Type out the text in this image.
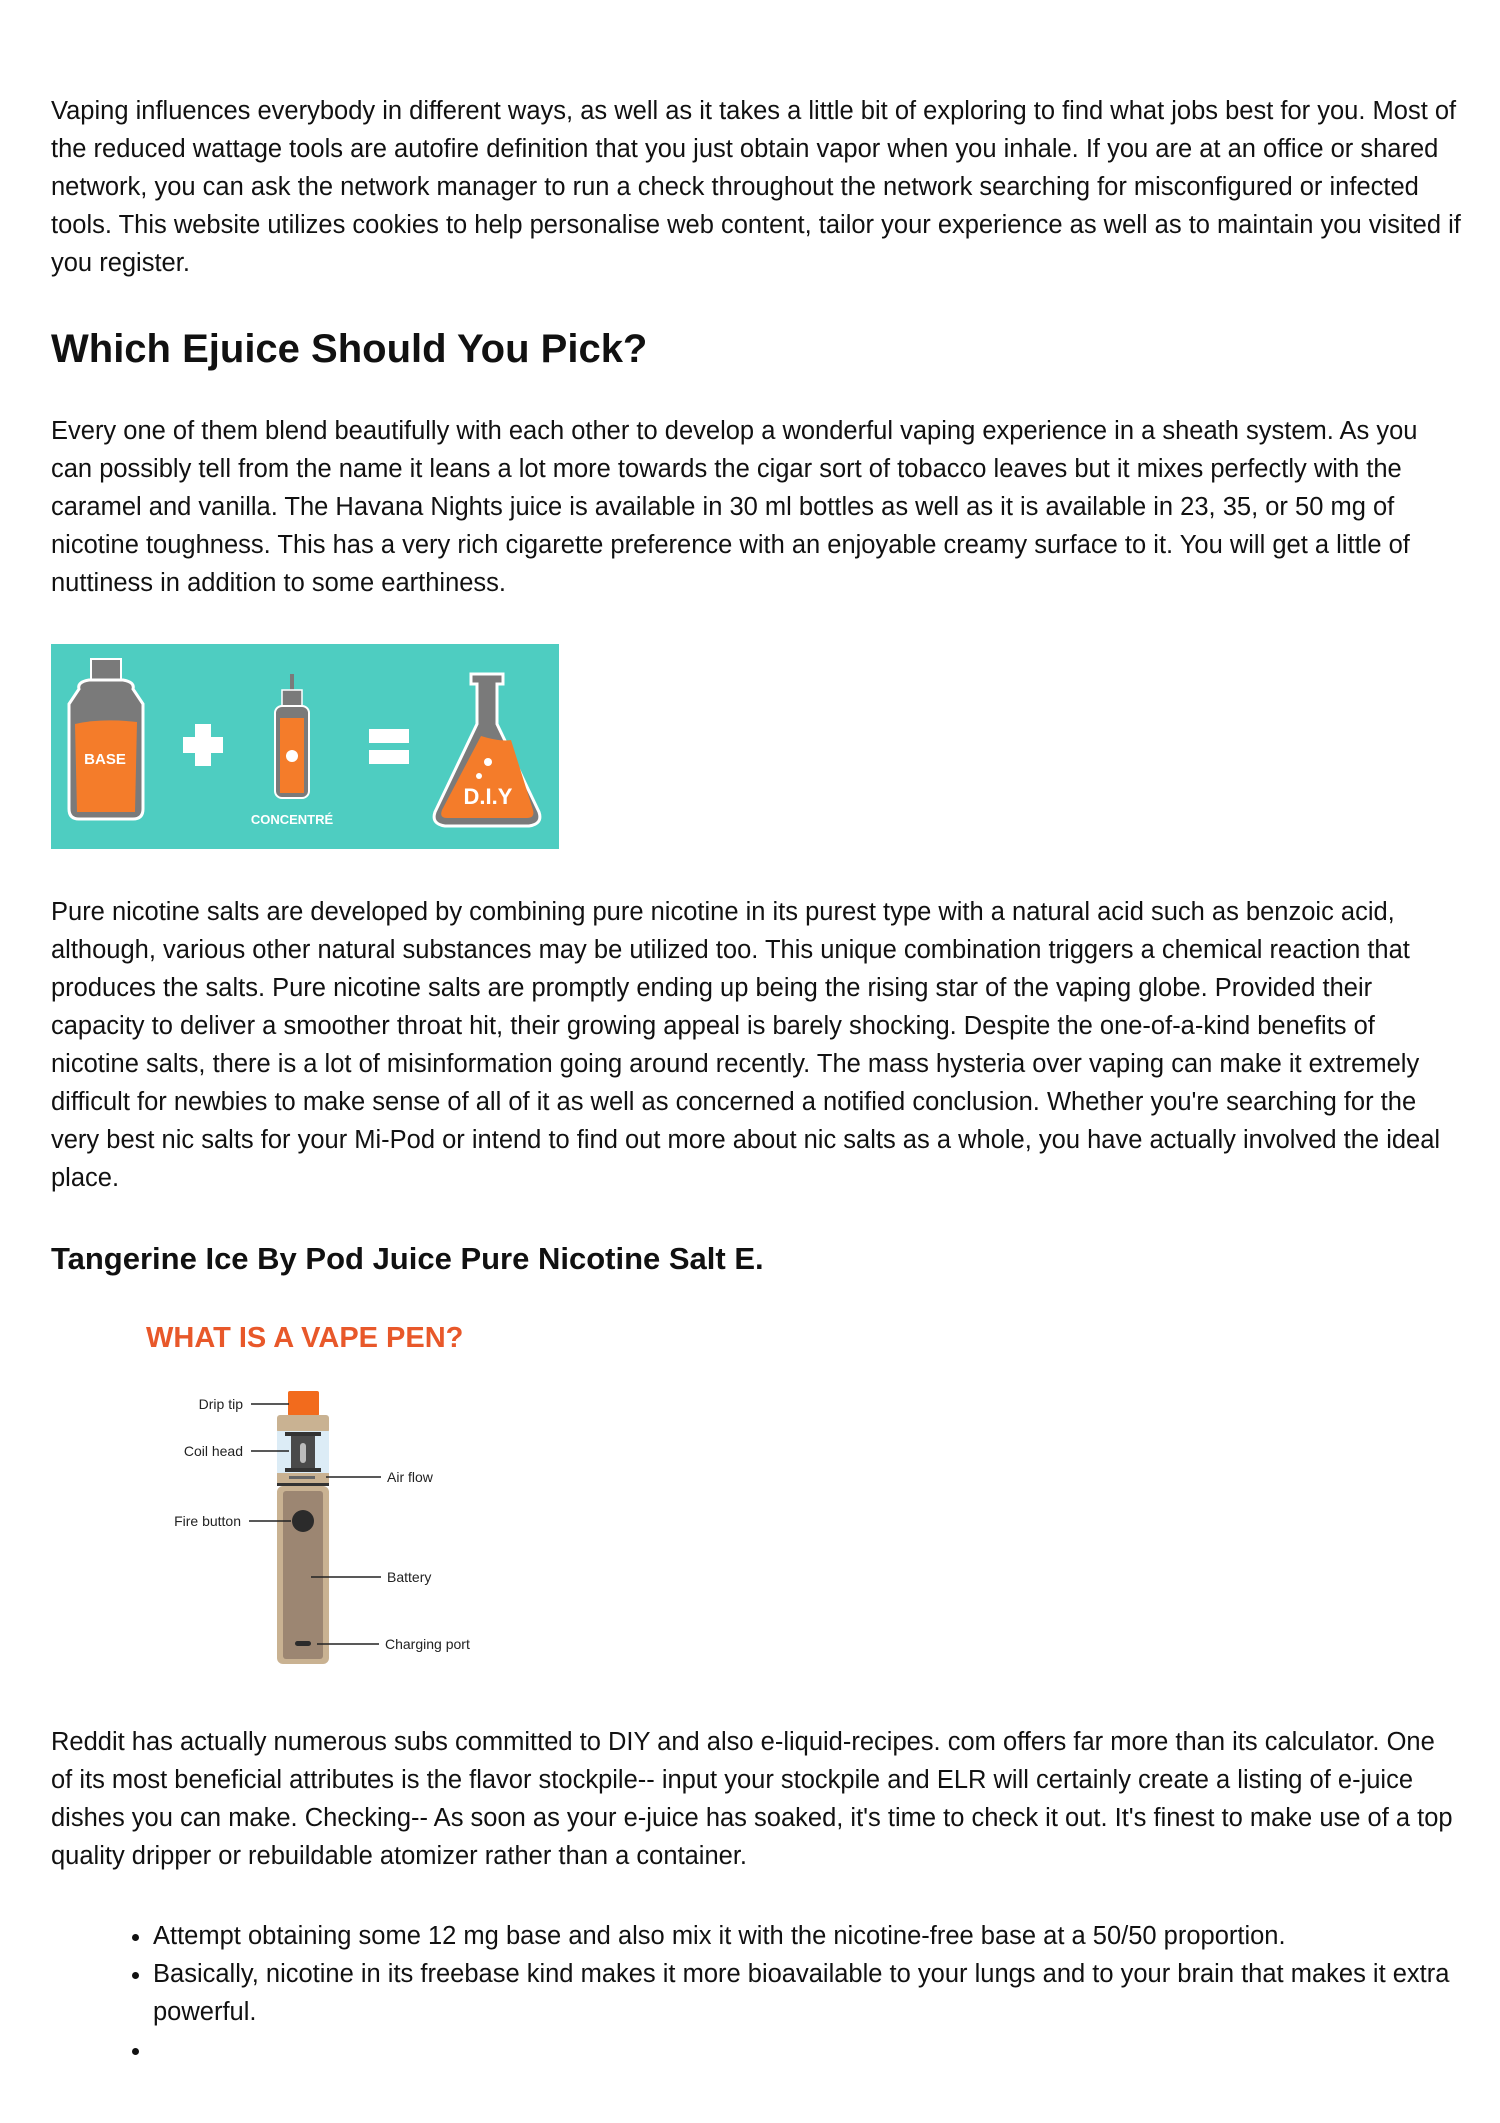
Vaping influences everybody in different ways, as well as it takes a little bit of exploring to find what jobs best for you. Most of the reduced wattage tools are autofire definition that you just obtain vapor when you inhale. If you are at an office or shared network, you can ask the network manager to run a check throughout the network searching for misconfigured or infected tools. This website utilizes cookies to help personalise web content, tailor your experience as well as to maintain you visited if you register.

Which Ejuice Should You Pick?

Every one of them blend beautifully with each other to develop a wonderful vaping experience in a sheath system. As you can possibly tell from the name it leans a lot more towards the cigar sort of tobacco leaves but it mixes perfectly with the caramel and vanilla. The Havana Nights juice is available in 30 ml bottles as well as it is available in 23, 35, or 50 mg of nicotine toughness. This has a very rich cigarette preference with an enjoyable creamy surface to it. You will get a little of nuttiness in addition to some earthiness.

BASE
CONCENTRÉ
D.I.Y

Pure nicotine salts are developed by combining pure nicotine in its purest type with a natural acid such as benzoic acid, although, various other natural substances may be utilized too. This unique combination triggers a chemical reaction that produces the salts. Pure nicotine salts are promptly ending up being the rising star of the vaping globe. Provided their capacity to deliver a smoother throat hit, their growing appeal is barely shocking. Despite the one-of-a-kind benefits of nicotine salts, there is a lot of misinformation going around recently. The mass hysteria over vaping can make it extremely difficult for newbies to make sense of all of it as well as concerned a notified conclusion. Whether you're searching for the very best nic salts for your Mi-Pod or intend to find out more about nic salts as a whole, you have actually involved the ideal place.

Tangerine Ice By Pod Juice Pure Nicotine Salt E.
WHAT IS A VAPE PEN?
Drip tip
Coil head
Air flow
Fire button
Battery
Charging port

Reddit has actually numerous subs committed to DIY and also e-liquid-recipes. com offers far more than its calculator. One of its most beneficial attributes is the flavor stockpile-- input your stockpile and ELR will certainly create a listing of e-juice dishes you can make. Checking-- As soon as your e-juice has soaked, it's time to check it out. It's finest to make use of a top quality dripper or rebuildable atomizer rather than a container.

• Attempt obtaining some 12 mg base and also mix it with the nicotine-free base at a 50/50 proportion.
• Basically, nicotine in its freebase kind makes it more bioavailable to your lungs and to your brain that makes it extra powerful.
•
